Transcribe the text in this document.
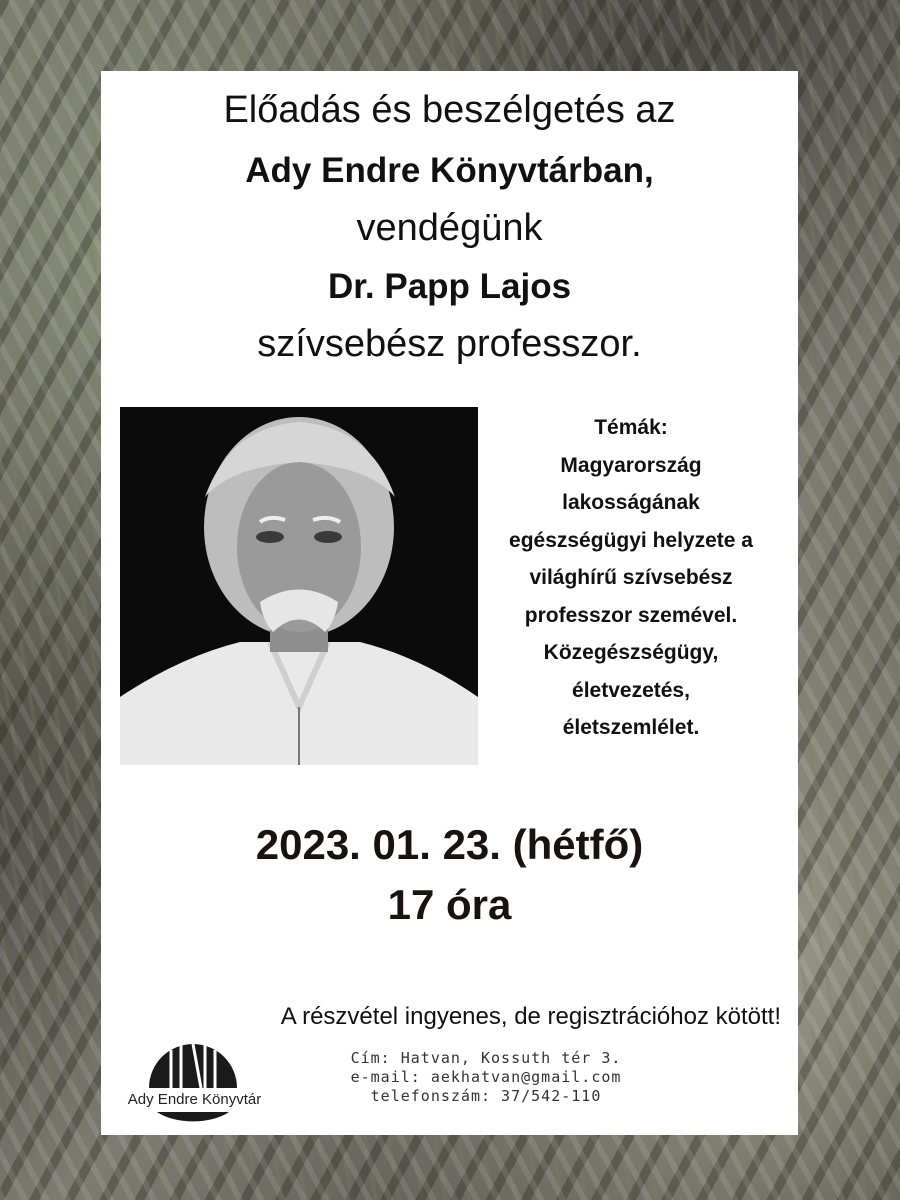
Előadás és beszélgetés az
Ady Endre Könyvtárban,
vendégünk
Dr. Papp Lajos
szívsebész professzor.
Témák:
Magyarország
lakosságának
egészségügyi helyzete a
világhírű szívsebész
professzor szemével.
Közegészségügy,
életvezetés,
életszemlélet.
2023. 01. 23. (hétfő)
17 óra
A részvétel ingyenes, de regisztrációhoz kötött!
Ady Endre Könyvtár
Cím: Hatvan, Kossuth tér 3.
e-mail: aekhatvan@gmail.com
telefonszám: 37/542-110
